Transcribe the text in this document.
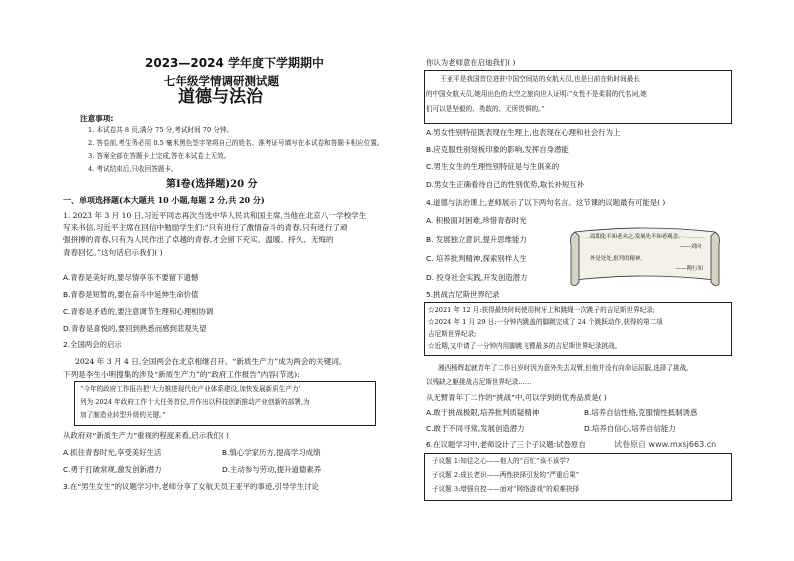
2023—2024 学年度下学期期中
七年级学情调研测试题
道德与法治
注意事项:
1. 本试卷共 8 页,满分 75 分,考试时间 70 分钟。
2. 答卷前,考生务必用 0.5 毫米黑色签字笔将自己的姓名、准考证号填写在本试卷和答题卡相应位置。
3. 答案全部在答题卡上完成,答在本试卷上无效。
4. 考试结束后,只收回答题卡。
第Ⅰ卷(选择题)20 分
一、单项选择题(本大题共 10 小题,每题 2 分,共 20 分)
1. 2023 年 3 月 10 日,习近平同志再次当选中华人民共和国主席,当他在北京八一学校学生
写来书信,习近平主席在回信中勉励学生们:“只有进行了激情奋斗的青春,只有进行了顽
强拼搏的青春,只有为人民作出了卓越的青春,才会留下充实、温暖、持久、无悔的
青春回忆。”这句话启示我们( )
A.青春是美好的,要尽情享乐不要留下遗憾
B.青春是短暂的,要在奋斗中延伸生命价值
C.青春是矛盾的,要注意调节生理和心理相协调
D.青春是喜悦的,要回到熟悉而感到悲观失望
2.全国两会的启示
2024 年 3 月 4 日,全国两会在北京相继召开。“新质生产力”成为两会的关键词。
下列是李生小明搜集的涉及“新质生产力”的“政府工作报告”内容(节选):
“今年的政府工作报告把‘大力推进现代化产业体系建设,加快发展新质生产力’
列为 2024 年政府工作十大任务首位,并作出以科技创新推动产业创新的部署,为
加了制造业转型升级的关键。”
从政府对“新质生产力”重视的程度来看,启示我们( )
A.抓住青春时光,享受美好生活	B.慎心学家历方,提高学习成绩
C.勇于打破常规,激发创新潜力	D.主动参与劳动,提升道德素养
3.在“男生女生”的议题学习中,老师分享了女航天员王亚平的事迹,引导学生讨论
你认为老师意在启迪我们( )
王亚平是我国首位进驻中国空间站的女航天员,也是日前在轨时间最长
的中国女航天员,她用出色的太空之旅向世人证明:“女性不是柔弱的代名词,她
们可以是坚毅的、勇敢的、无所畏惧的。”
A.男女性别特征既表现在生理上,也表现在心理和社会行为上
B.应克服性别刻板印象的影响,发挥自身潜能
C.男生女生的生理性别特征是与生俱来的
D.男女生正确看待自己的性别优势,取长补短互补
4.道德与法治课上,老师展示了以下两句名言。这节课的议题最有可能是( )
A. 积极面对困难,珍惜青春时光
B. 发展独立意识,提升思维能力
C. 培养批判精神,探索别样人生
D. 投身社会实践,开发创造潜力
周期化不知老夫之,发展先不知老观念。
——刘向
外是处处,批判的精神。
——陶行知
5.挑战吉尼斯世界纪录
☆2021 年 12 月:获得最快时间使用树牙上和跳绳一次跳子的吉尼斯世界纪录;
☆2024 年 1 月 29 日:一分钟内跳盖的脚跳完成了 24 个跳跃动作,获得的第二项
吉尼斯世界纪录;
☆近期,又申请了一分钟内用脚跳飞镖最多的吉尼斯世界纪录挑战。
湘西杨辉起就青年了二作日岁时因为意外失去双臂,但他并没有向命运屈服,选择了挑战,
以残缺之躯挑战吉尼斯世界纪录……
从无臂青年丁二作的“挑战”中,可以学到的优秀品质是( )
A.敢于挑战极限,培养批判质疑精神	B.培养自信性格,克服情性抵制诱惑
C.敢于不同寻常,发展创造潜力	D.培养自信心,培养自信能力
6.在议题学习中,老师设计了三个子议题:试卷原自	试卷原自 www.mxsj663.cn
子议题 1:知往之心——他人的“百忙”该不该学?
子议题 2:成长老识——两性抉择引发的“严重后果”
子议题 3:增强自控——面对“网络游戏”的艰难抉择
